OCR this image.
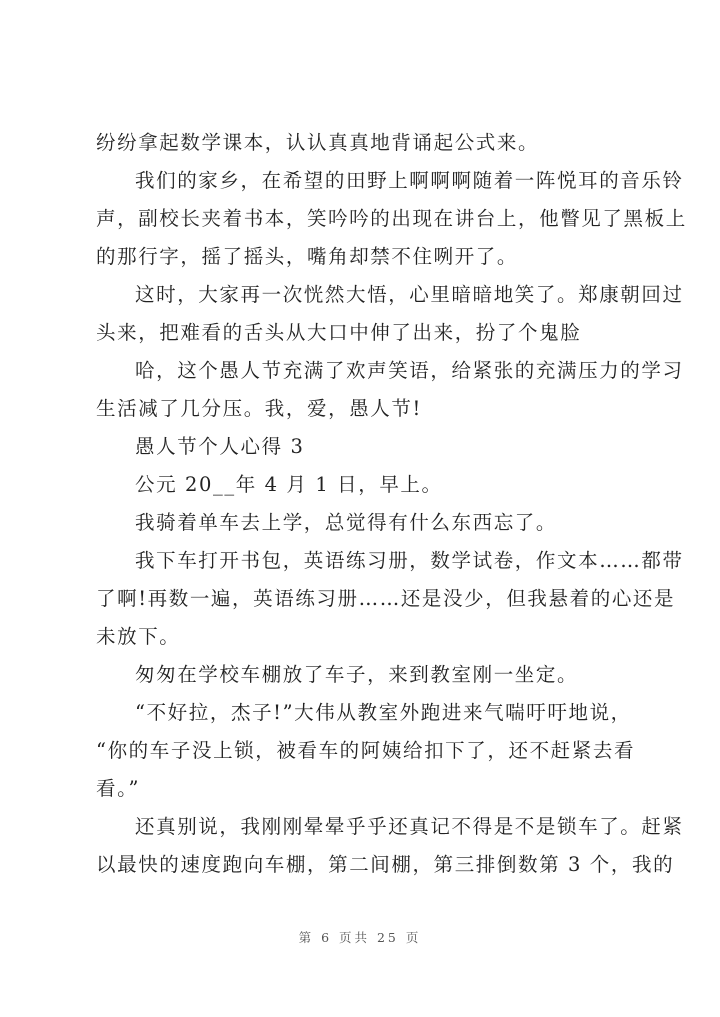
纷纷拿起数学课本，认认真真地背诵起公式来。
我们的家乡，在希望的田野上啊啊啊随着一阵悦耳的音乐铃
声，副校长夹着书本，笑吟吟的出现在讲台上，他瞥见了黑板上
的那行字，摇了摇头，嘴角却禁不住咧开了。
这时，大家再一次恍然大悟，心里暗暗地笑了。郑康朝回过
头来，把难看的舌头从大口中伸了出来，扮了个鬼脸
哈，这个愚人节充满了欢声笑语，给紧张的充满压力的学习
生活减了几分压。我，爱，愚人节!
愚人节个人心得 3
公元 20__年 4 月 1 日，早上。
我骑着单车去上学，总觉得有什么东西忘了。
我下车打开书包，英语练习册，数学试卷，作文本……都带
了啊!再数一遍，英语练习册……还是没少，但我悬着的心还是
未放下。
匆匆在学校车棚放了车子，来到教室刚一坐定。
“不好拉，杰子!”大伟从教室外跑进来气喘吁吁地说，
“你的车子没上锁，被看车的阿姨给扣下了，还不赶紧去看
看。”
还真别说，我刚刚晕晕乎乎还真记不得是不是锁车了。赶紧
以最快的速度跑向车棚，第二间棚，第三排倒数第 3 个，我的
第 6 页共 25 页
